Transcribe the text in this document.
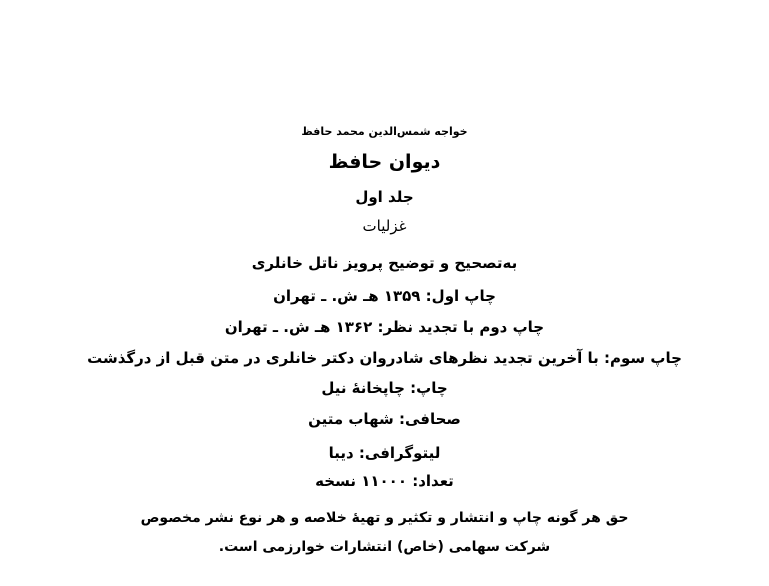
خواجه شمس‌الدین محمد حافظ
دیوان حافظ
جلد اول
غزلیات
به‌تصحیح و توضیح پرویز ناتل خانلری
چاپ اول: ۱۳۵۹ هـ ش. ـ تهران
چاپ دوم با تجدید نظر: ۱۳۶۲ هـ ش. ـ تهران
چاپ سوم: با آخرین تجدید نظرهای شادروان دکتر خانلری در متن قبل از درگذشت
چاپ: چاپخانهٔ نیل
صحافی: شهاب متین
لیتوگرافی: دیبا
تعداد: ۱۱۰۰۰ نسخه
حق هر گونه چاپ و انتشار و تکثیر و تهیهٔ خلاصه و هر نوع نشر مخصوص
شرکت سهامی (خاص) انتشارات خوارزمی است.
